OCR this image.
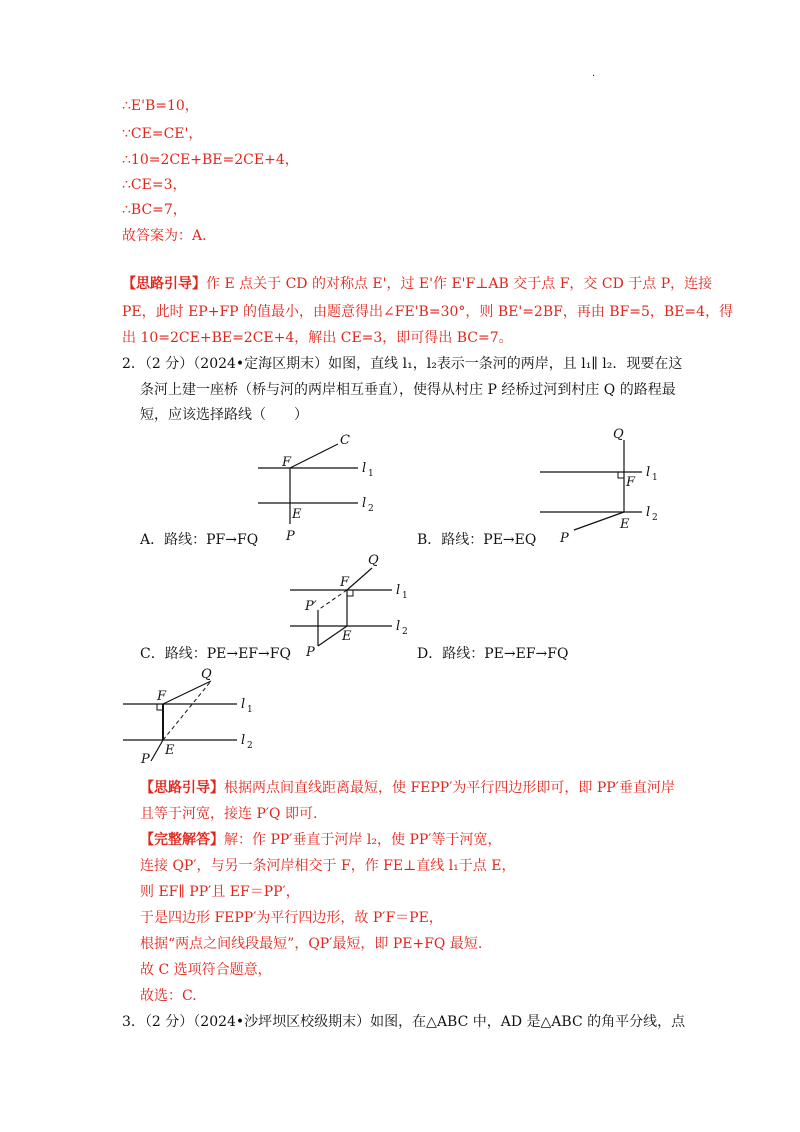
.
∴E'B=10，
∵CE=CE'，
∴10=2CE+BE=2CE+4，
∴CE=3，
∴BC=7，
故答案为：A．
【思路引导】作 E 点关于 CD 的对称点 E'，过 E'作 E'F⊥AB 交于点 F，交 CD 于点 P，连接
PE，此时 EP+FP 的值最小，由题意得出∠FE'B=30°，则 BE'=2BF，再由 BF=5，BE=4，得
出 10=2CE+BE=2CE+4，解出 CE=3，即可得出 BC=7。
2．（2 分）（2024•定海区期末）如图，直线 l₁，l₂表示一条河的两岸，且 l₁∥ l₂．现要在这
条河上建一座桥（桥与河的两岸相互垂直），使得从村庄 P 经桥过河到村庄 Q 的路程最
短，应该选择路线（　　）
C
F
E
P
l 1
l 2
Q
F
E
P
l 1
l 2
A．路线：PF→FQ	B．路线：PE→EQ
Q
F
P′
E
P
l 1
l 2
C．路线：PE→EF→FQ	D．路线：PE→EF→FQ
Q
F
E
P
l 1
l 2
【思路引导】根据两点间直线距离最短，使 FEPP′为平行四边形即可，即 PP′垂直河岸
且等于河宽，接连 P′Q 即可.
【完整解答】解：作 PP′垂直于河岸 l₂，使 PP′等于河宽，
连接 QP′，与另一条河岸相交于 F，作 FE⊥直线 l₁于点 E，
则 EF∥ PP′且 EF＝PP′，
于是四边形 FEPP′为平行四边形，故 P′F＝PE，
根据“两点之间线段最短”，QP′最短，即 PE+FQ 最短.
故 C 选项符合题意，
故选：C.
3．（2 分）（2024•沙坪坝区校级期末）如图，在△ABC 中，AD 是△ABC 的角平分线，点
